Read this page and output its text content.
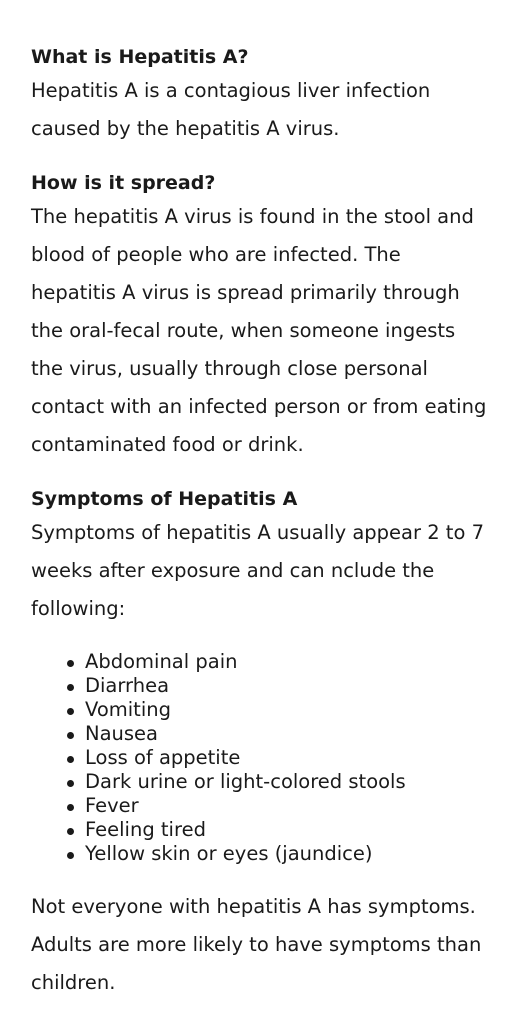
What is Hepatitis A?

Hepatitis A is a contagious liver infection caused by the hepatitis A virus.

How is it spread?

The hepatitis A virus is found in the stool and blood of people who are infected. The hepatitis A virus is spread primarily through the oral-fecal route, when someone ingests the virus, usually through close personal contact with an infected person or from eating contaminated food or drink.

Symptoms of Hepatitis A

Symptoms of hepatitis A usually appear 2 to 7 weeks after exposure and can nclude the following:

Abdominal pain
Diarrhea
Vomiting
Nausea
Loss of appetite
Dark urine or light-colored stools
Fever
Feeling tired
Yellow skin or eyes (jaundice)

Not everyone with hepatitis A has symptoms. Adults are more likely to have symptoms than children.
